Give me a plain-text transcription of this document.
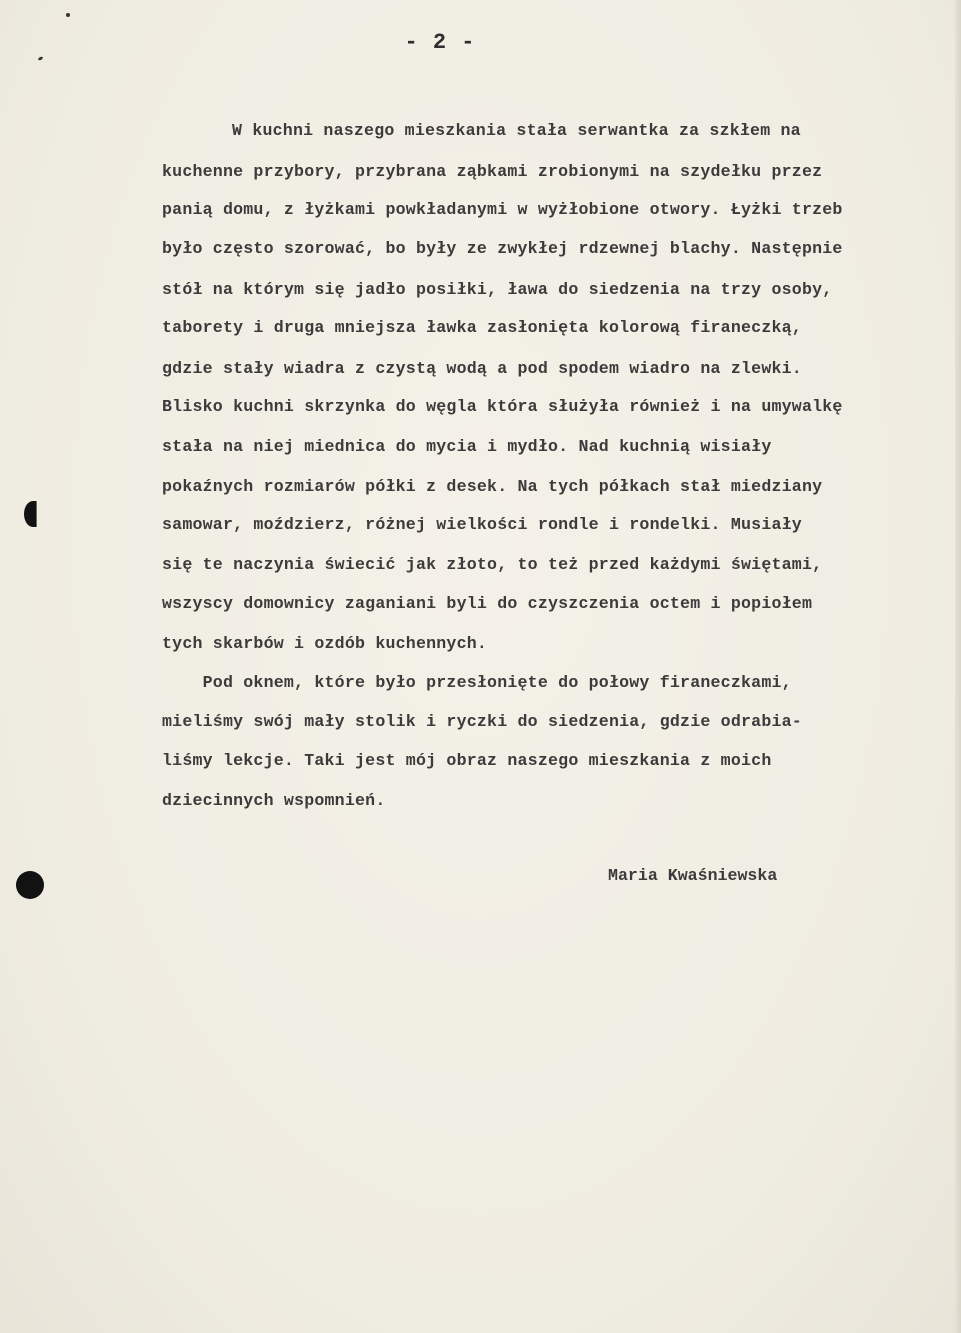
- 2 -
W kuchni naszego mieszkania stała serwantka za szkłem na
kuchenne przybory, przybrana ząbkami zrobionymi na szydełku przez
panią domu, z łyżkami powkładanymi w wyżłobione otwory. Łyżki trzeb
było często szorować, bo były ze zwykłej rdzewnej blachy. Następnie
stół na którym się jadło posiłki, ława do siedzenia na trzy osoby,
taborety i druga mniejsza ławka zasłonięta kolorową firaneczką,
gdzie stały wiadra z czystą wodą a pod spodem wiadro na zlewki.
Blisko kuchni skrzynka do węgla która służyła również i na umywalkę
stała na niej miednica do mycia i mydło. Nad kuchnią wisiały
pokaźnych rozmiarów półki z desek. Na tych półkach stał miedziany
samowar, moździerz, różnej wielkości rondle i rondelki. Musiały
się te naczynia świecić jak złoto, to też przed każdymi świętami,
wszyscy domownicy zaganiani byli do czyszczenia octem i popiołem
tych skarbów i ozdób kuchennych.
Pod oknem, które było przesłonięte do połowy firaneczkami,
mieliśmy swój mały stolik i ryczki do siedzenia, gdzie odrabia-
liśmy lekcje. Taki jest mój obraz naszego mieszkania z moich
dziecinnych wspomnień.
Maria Kwaśniewska
